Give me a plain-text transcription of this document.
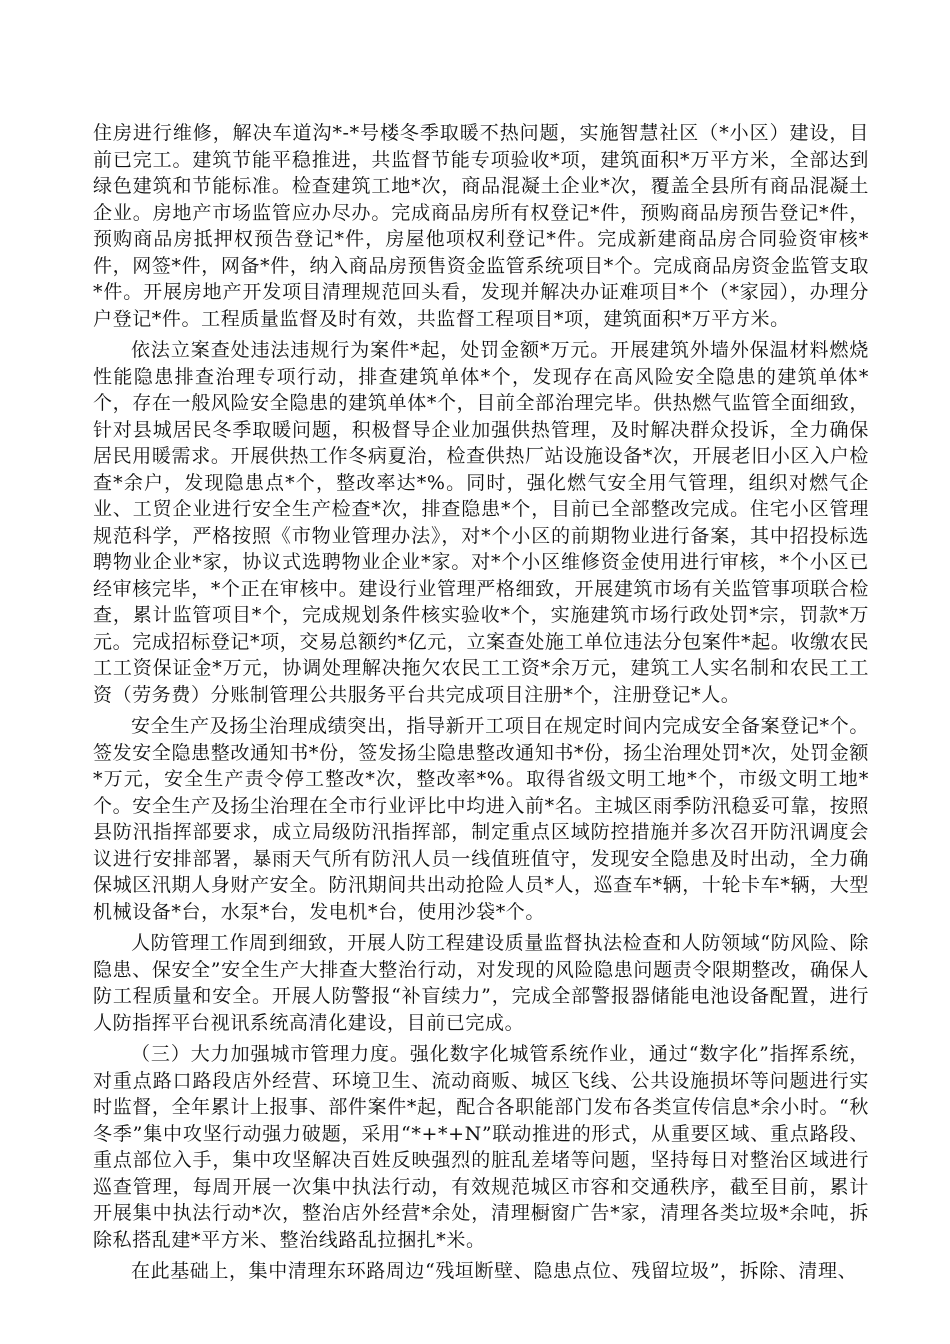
住房进行维修，解决车道沟*-*号楼冬季取暖不热问题，实施智慧社区（*小区）建设，目前已完工。建筑节能平稳推进，共监督节能专项验收*项，建筑面积*万平方米，全部达到绿色建筑和节能标准。检查建筑工地*次，商品混凝土企业*次，覆盖全县所有商品混凝土企业。房地产市场监管应办尽办。完成商品房所有权登记*件，预购商品房预告登记*件，预购商品房抵押权预告登记*件，房屋他项权利登记*件。完成新建商品房合同验资审核*件，网签*件，网备*件，纳入商品房预售资金监管系统项目*个。完成商品房资金监管支取*件。开展房地产开发项目清理规范回头看，发现并解决办证难项目*个（*家园），办理分户登记*件。工程质量监督及时有效，共监督工程项目*项，建筑面积*万平方米。

依法立案查处违法违规行为案件*起，处罚金额*万元。开展建筑外墙外保温材料燃烧性能隐患排查治理专项行动，排查建筑单体*个，发现存在高风险安全隐患的建筑单体*个，存在一般风险安全隐患的建筑单体*个，目前全部治理完毕。供热燃气监管全面细致，针对县城居民冬季取暖问题，积极督导企业加强供热管理，及时解决群众投诉，全力确保居民用暖需求。开展供热工作冬病夏治，检查供热厂站设施设备*次，开展老旧小区入户检查*余户，发现隐患点*个，整改率达*%。同时，强化燃气安全用气管理，组织对燃气企业、工贸企业进行安全生产检查*次，排查隐患*个，目前已全部整改完成。住宅小区管理规范科学，严格按照《市物业管理办法》，对*个小区的前期物业进行备案，其中招投标选聘物业企业*家，协议式选聘物业企业*家。对*个小区维修资金使用进行审核，*个小区已经审核完毕，*个正在审核中。建设行业管理严格细致，开展建筑市场有关监管事项联合检查，累计监管项目*个，完成规划条件核实验收*个，实施建筑市场行政处罚*宗，罚款*万元。完成招标登记*项，交易总额约*亿元，立案查处施工单位违法分包案件*起。收缴农民工工资保证金*万元，协调处理解决拖欠农民工工资*余万元，建筑工人实名制和农民工工资（劳务费）分账制管理公共服务平台共完成项目注册*个，注册登记*人。

安全生产及扬尘治理成绩突出，指导新开工项目在规定时间内完成安全备案登记*个。签发安全隐患整改通知书*份，签发扬尘隐患整改通知书*份，扬尘治理处罚*次，处罚金额*万元，安全生产责令停工整改*次，整改率*%。取得省级文明工地*个，市级文明工地*个。安全生产及扬尘治理在全市行业评比中均进入前*名。主城区雨季防汛稳妥可靠，按照县防汛指挥部要求，成立局级防汛指挥部，制定重点区域防控措施并多次召开防汛调度会议进行安排部署，暴雨天气所有防汛人员一线值班值守，发现安全隐患及时出动，全力确保城区汛期人身财产安全。防汛期间共出动抢险人员*人，巡查车*辆，十轮卡车*辆，大型机械设备*台，水泵*台，发电机*台，使用沙袋*个。

人防管理工作周到细致，开展人防工程建设质量监督执法检查和人防领域“防风险、除隐患、保安全”安全生产大排查大整治行动，对发现的风险隐患问题责令限期整改，确保人防工程质量和安全。开展人防警报“补盲续力”，完成全部警报器储能电池设备配置，进行人防指挥平台视讯系统高清化建设，目前已完成。

（三）大力加强城市管理力度。强化数字化城管系统作业，通过“数字化”指挥系统，对重点路口路段店外经营、环境卫生、流动商贩、城区飞线、公共设施损坏等问题进行实时监督，全年累计上报事、部件案件*起，配合各职能部门发布各类宣传信息*余小时。“秋冬季”集中攻坚行动强力破题，采用“*+*+N”联动推进的形式，从重要区域、重点路段、重点部位入手，集中攻坚解决百姓反映强烈的脏乱差堵等问题，坚持每日对整治区域进行巡查管理，每周开展一次集中执法行动，有效规范城区市容和交通秩序，截至目前，累计开展集中执法行动*次，整治店外经营*余处，清理橱窗广告*家，清理各类垃圾*余吨，拆除私搭乱建*平方米、整治线路乱拉捆扎*米。

在此基础上，集中清理东环路周边“残垣断壁、隐患点位、残留垃圾”，拆除、清理、
